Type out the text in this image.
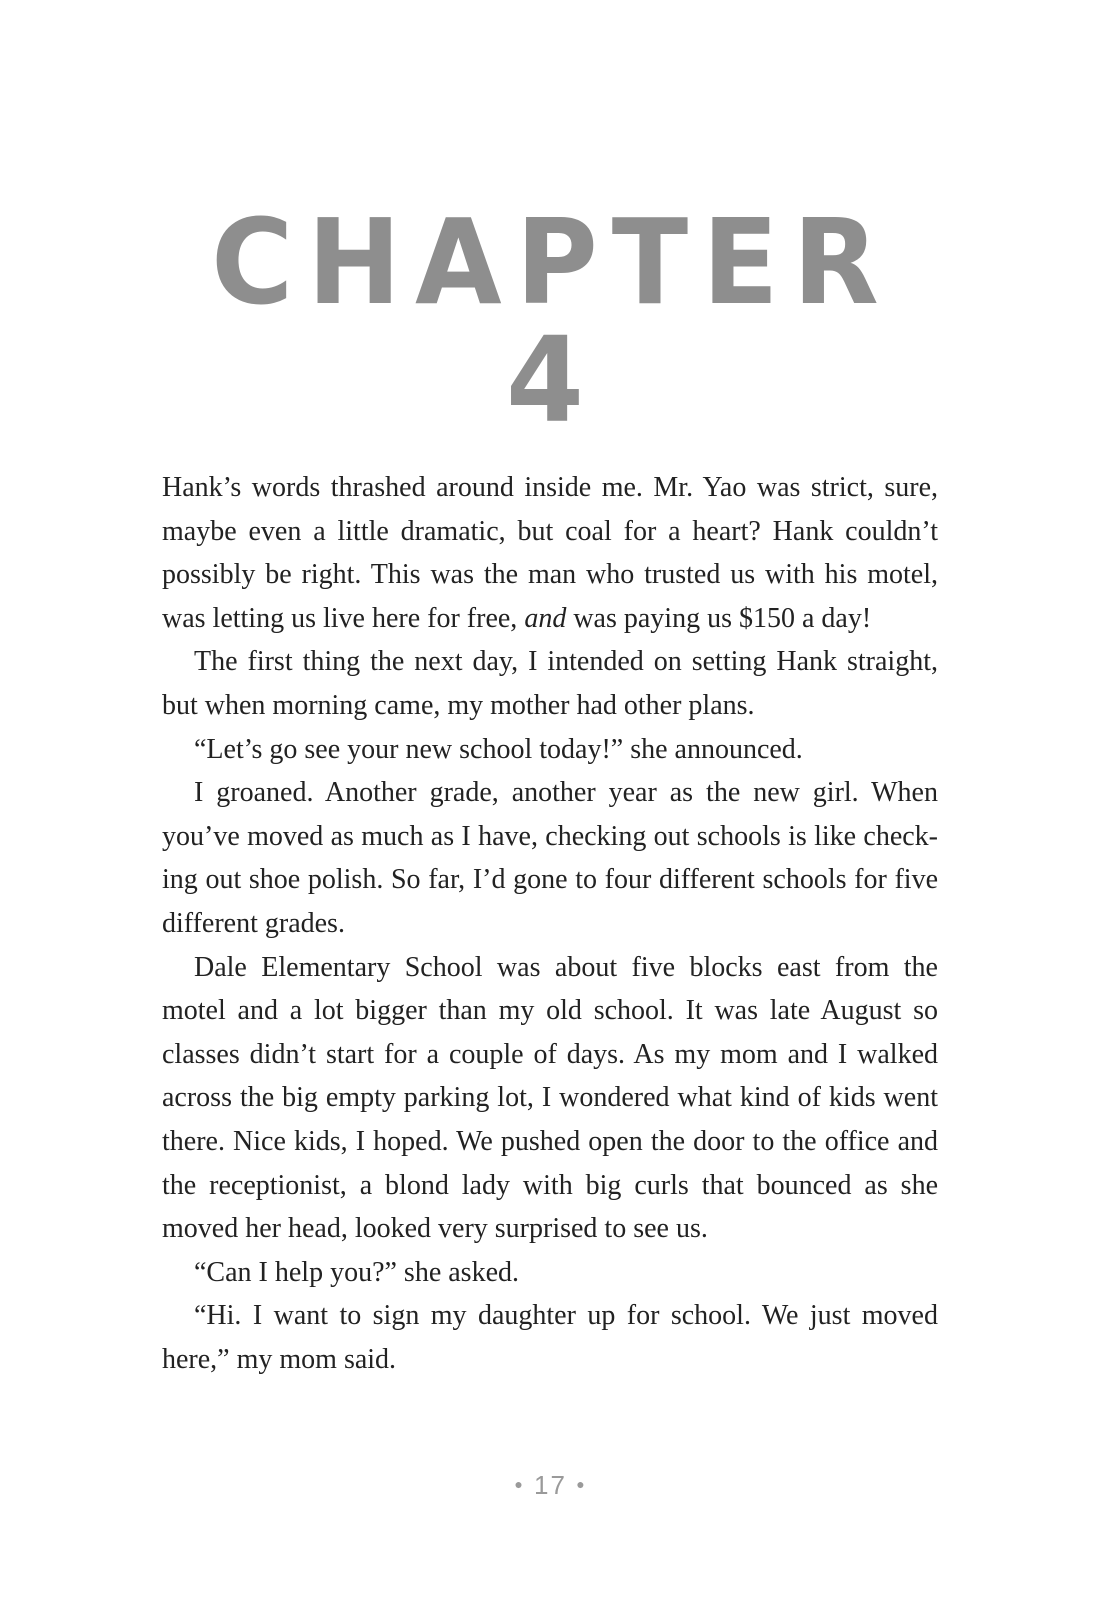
CHAPTER 4

Hank’s words thrashed around inside me. Mr. Yao was strict, sure, maybe even a little dramatic, but coal for a heart? Hank couldn’t possibly be right. This was the man who trusted us with his motel, was letting us live here for free, and was paying us $150 a day!

The first thing the next day, I intended on setting Hank straight, but when morning came, my mother had other plans.

“Let’s go see your new school today!” she announced.

I groaned. Another grade, another year as the new girl. When you’ve moved as much as I have, checking out schools is like checking out shoe polish. So far, I’d gone to four different schools for five different grades.

Dale Elementary School was about five blocks east from the motel and a lot bigger than my old school. It was late August so classes didn’t start for a couple of days. As my mom and I walked across the big empty parking lot, I wondered what kind of kids went there. Nice kids, I hoped. We pushed open the door to the office and the receptionist, a blond lady with big curls that bounced as she moved her head, looked very surprised to see us.

“Can I help you?” she asked.

“Hi. I want to sign my daughter up for school. We just moved here,” my mom said.

● 17 ●
